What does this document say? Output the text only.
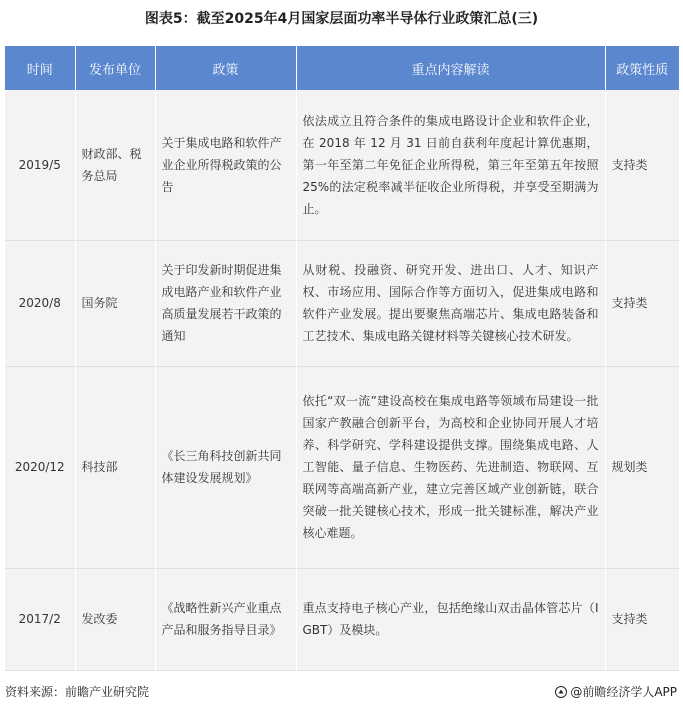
图表5：截至2025年4月国家层面功率半导体行业政策汇总(三)
时间	发布单位	政策	重点内容解读	政策性质
2019/5	财政部、税务总局	关于集成电路和软件产业企业所得税政策的公告	依法成立且符合条件的集成电路设计企业和软件企业，在 2018 年 12 月 31 日前自获利年度起计算优惠期，第一年至第二年免征企业所得税，第三年至第五年按照 25%的法定税率减半征收企业所得税，并享受至期满为止。	支持类
2020/8	国务院	关于印发新时期促进集成电路产业和软件产业高质量发展若干政策的通知	从财税、投融资、研究开发、进出口、人才、知识产权、市场应用、国际合作等方面切入，促进集成电路和软件产业发展。提出要聚焦高端芯片、集成电路装备和工艺技术、集成电路关键材料等关键核心技术研发。	支持类
2020/12	科技部	《长三角科技创新共同体建设发展规划》	依托“双一流”建设高校在集成电路等领域布局建设一批国家产教融合创新平台，为高校和企业协同开展人才培养、科学研究、学科建设提供支撑。围绕集成电路、人工智能、量子信息、生物医药、先进制造、物联网、互联网等高端高新产业，建立完善区域产业创新链，联合突破一批关键核心技术，形成一批关键标准，解决产业核心难题。	规划类
2017/2	发改委	《战略性新兴产业重点产品和服务指导目录》	重点支持电子核心产业，包括绝缘山双击晶体管芯片（IGBT）及模块。	支持类
资料来源：前瞻产业研究院	@前瞻经济学人APP
